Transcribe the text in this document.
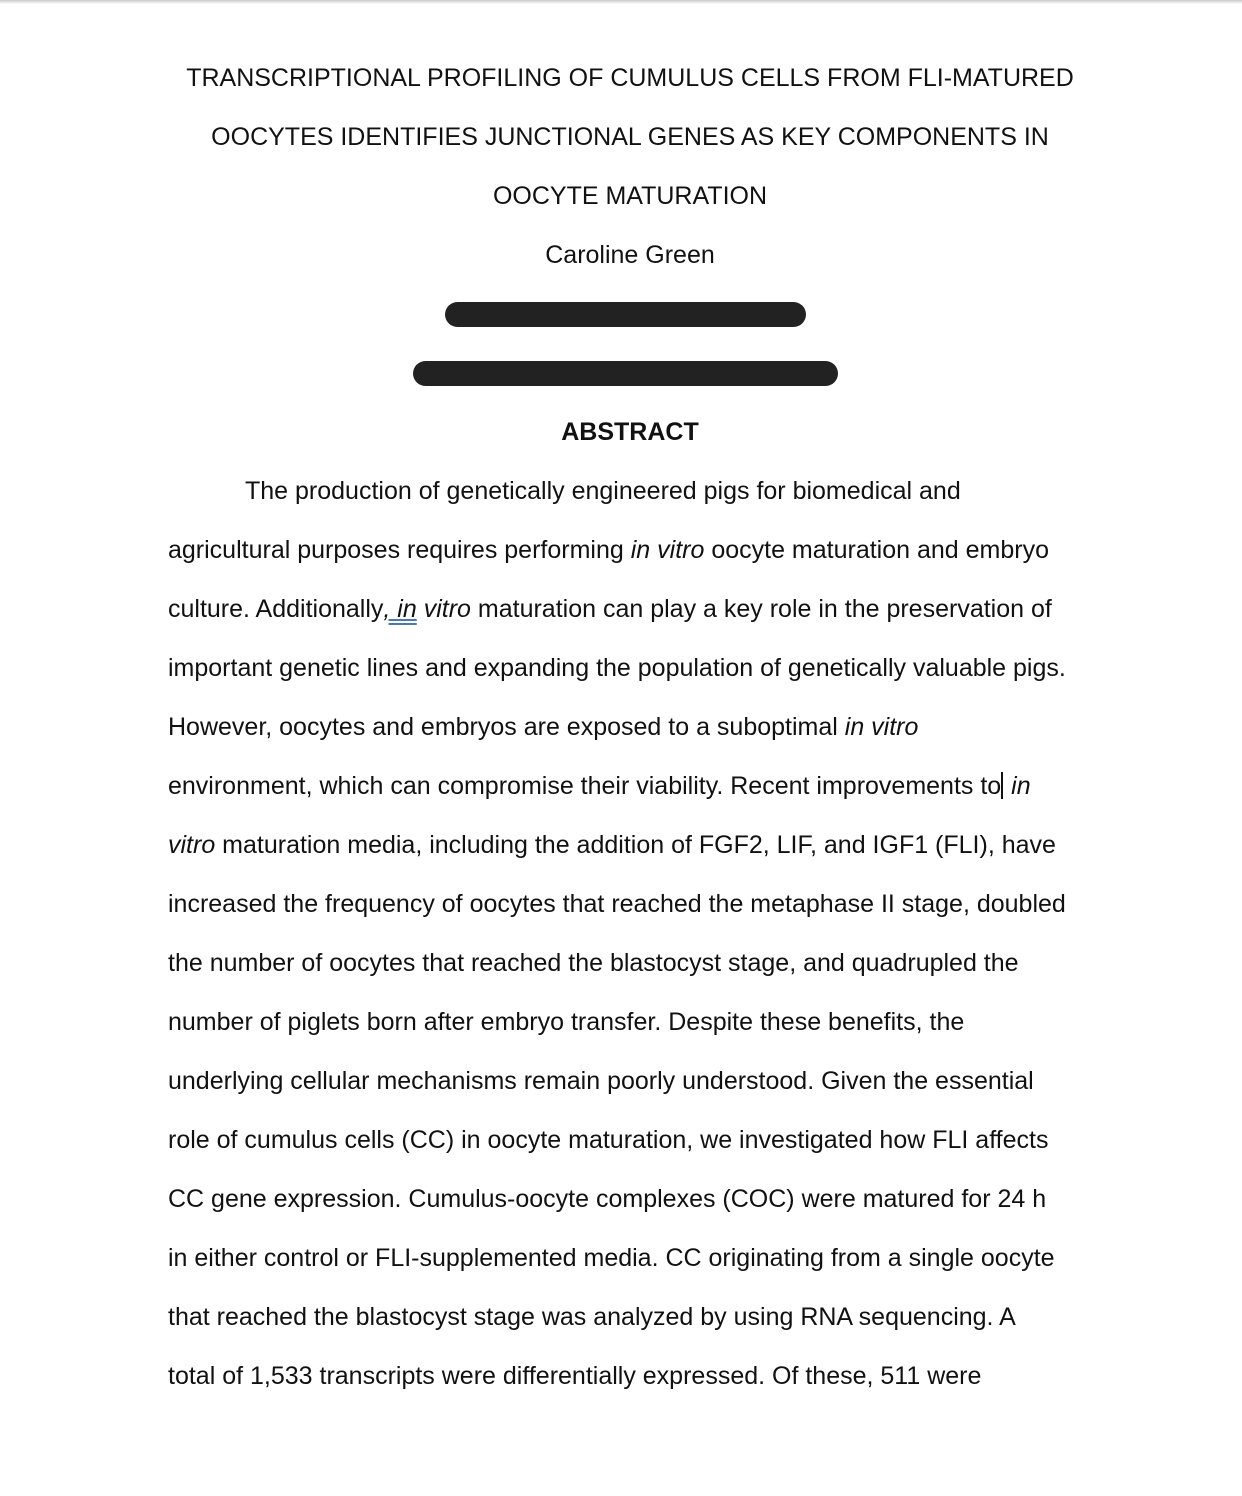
TRANSCRIPTIONAL PROFILING OF CUMULUS CELLS FROM FLI-MATURED
OOCYTES IDENTIFIES JUNCTIONAL GENES AS KEY COMPONENTS IN
OOCYTE MATURATION
Caroline Green
ABSTRACT
The production of genetically engineered pigs for biomedical and
agricultural purposes requires performing in vitro oocyte maturation and embryo
culture. Additionally, in vitro maturation can play a key role in the preservation of
important genetic lines and expanding the population of genetically valuable pigs.
However, oocytes and embryos are exposed to a suboptimal in vitro
environment, which can compromise their viability. Recent improvements to in
vitro maturation media, including the addition of FGF2, LIF, and IGF1 (FLI), have
increased the frequency of oocytes that reached the metaphase II stage, doubled
the number of oocytes that reached the blastocyst stage, and quadrupled the
number of piglets born after embryo transfer. Despite these benefits, the
underlying cellular mechanisms remain poorly understood. Given the essential
role of cumulus cells (CC) in oocyte maturation, we investigated how FLI affects
CC gene expression. Cumulus-oocyte complexes (COC) were matured for 24 h
in either control or FLI-supplemented media. CC originating from a single oocyte
that reached the blastocyst stage was analyzed by using RNA sequencing. A
total of 1,533 transcripts were differentially expressed. Of these, 511 were
